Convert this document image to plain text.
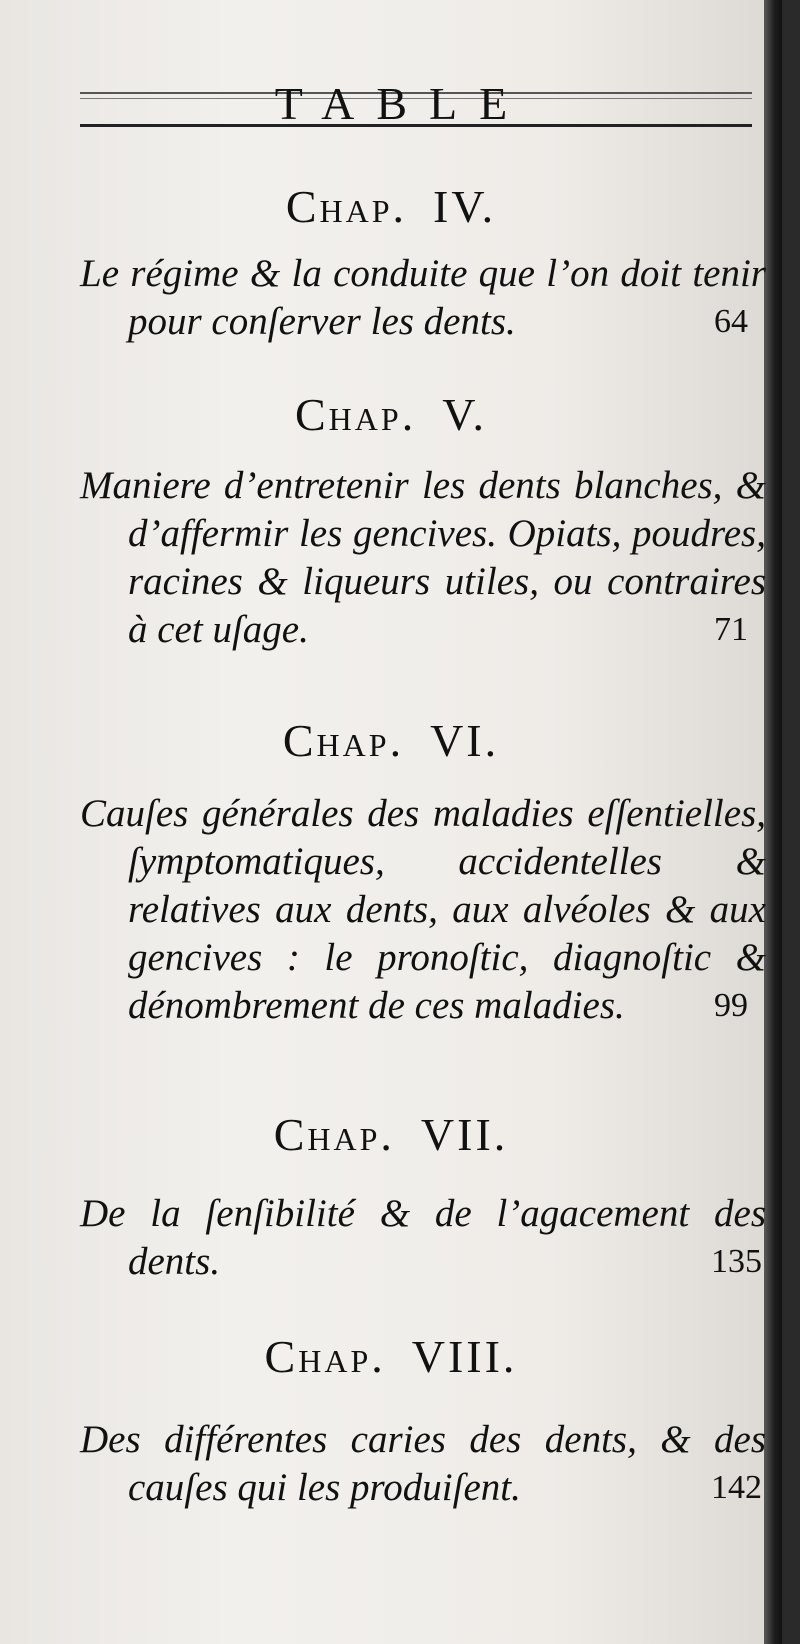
TABLE
Chap. IV.
Le régime & la conduite que l’on doit tenir pour conſerver les dents.	64
Chap. V.
Maniere d’entretenir les dents blanches, & d’affermir les gencives. Opiats, poudres, racines & liqueurs utiles, ou contraires à cet uſage.	71
Chap. VI.
Cauſes générales des maladies eſſentielles, ſymptomatiques, accidentelles & relatives aux dents, aux alvéoles & aux gencives : le pronoſtic, diagnoſtic & dénombrement de ces maladies.	99
Chap. VII.
De la ſenſibilité & de l’agacement des dents.	135
Chap. VIII.
Des différentes caries des dents, & des cauſes qui les produiſent.	142
